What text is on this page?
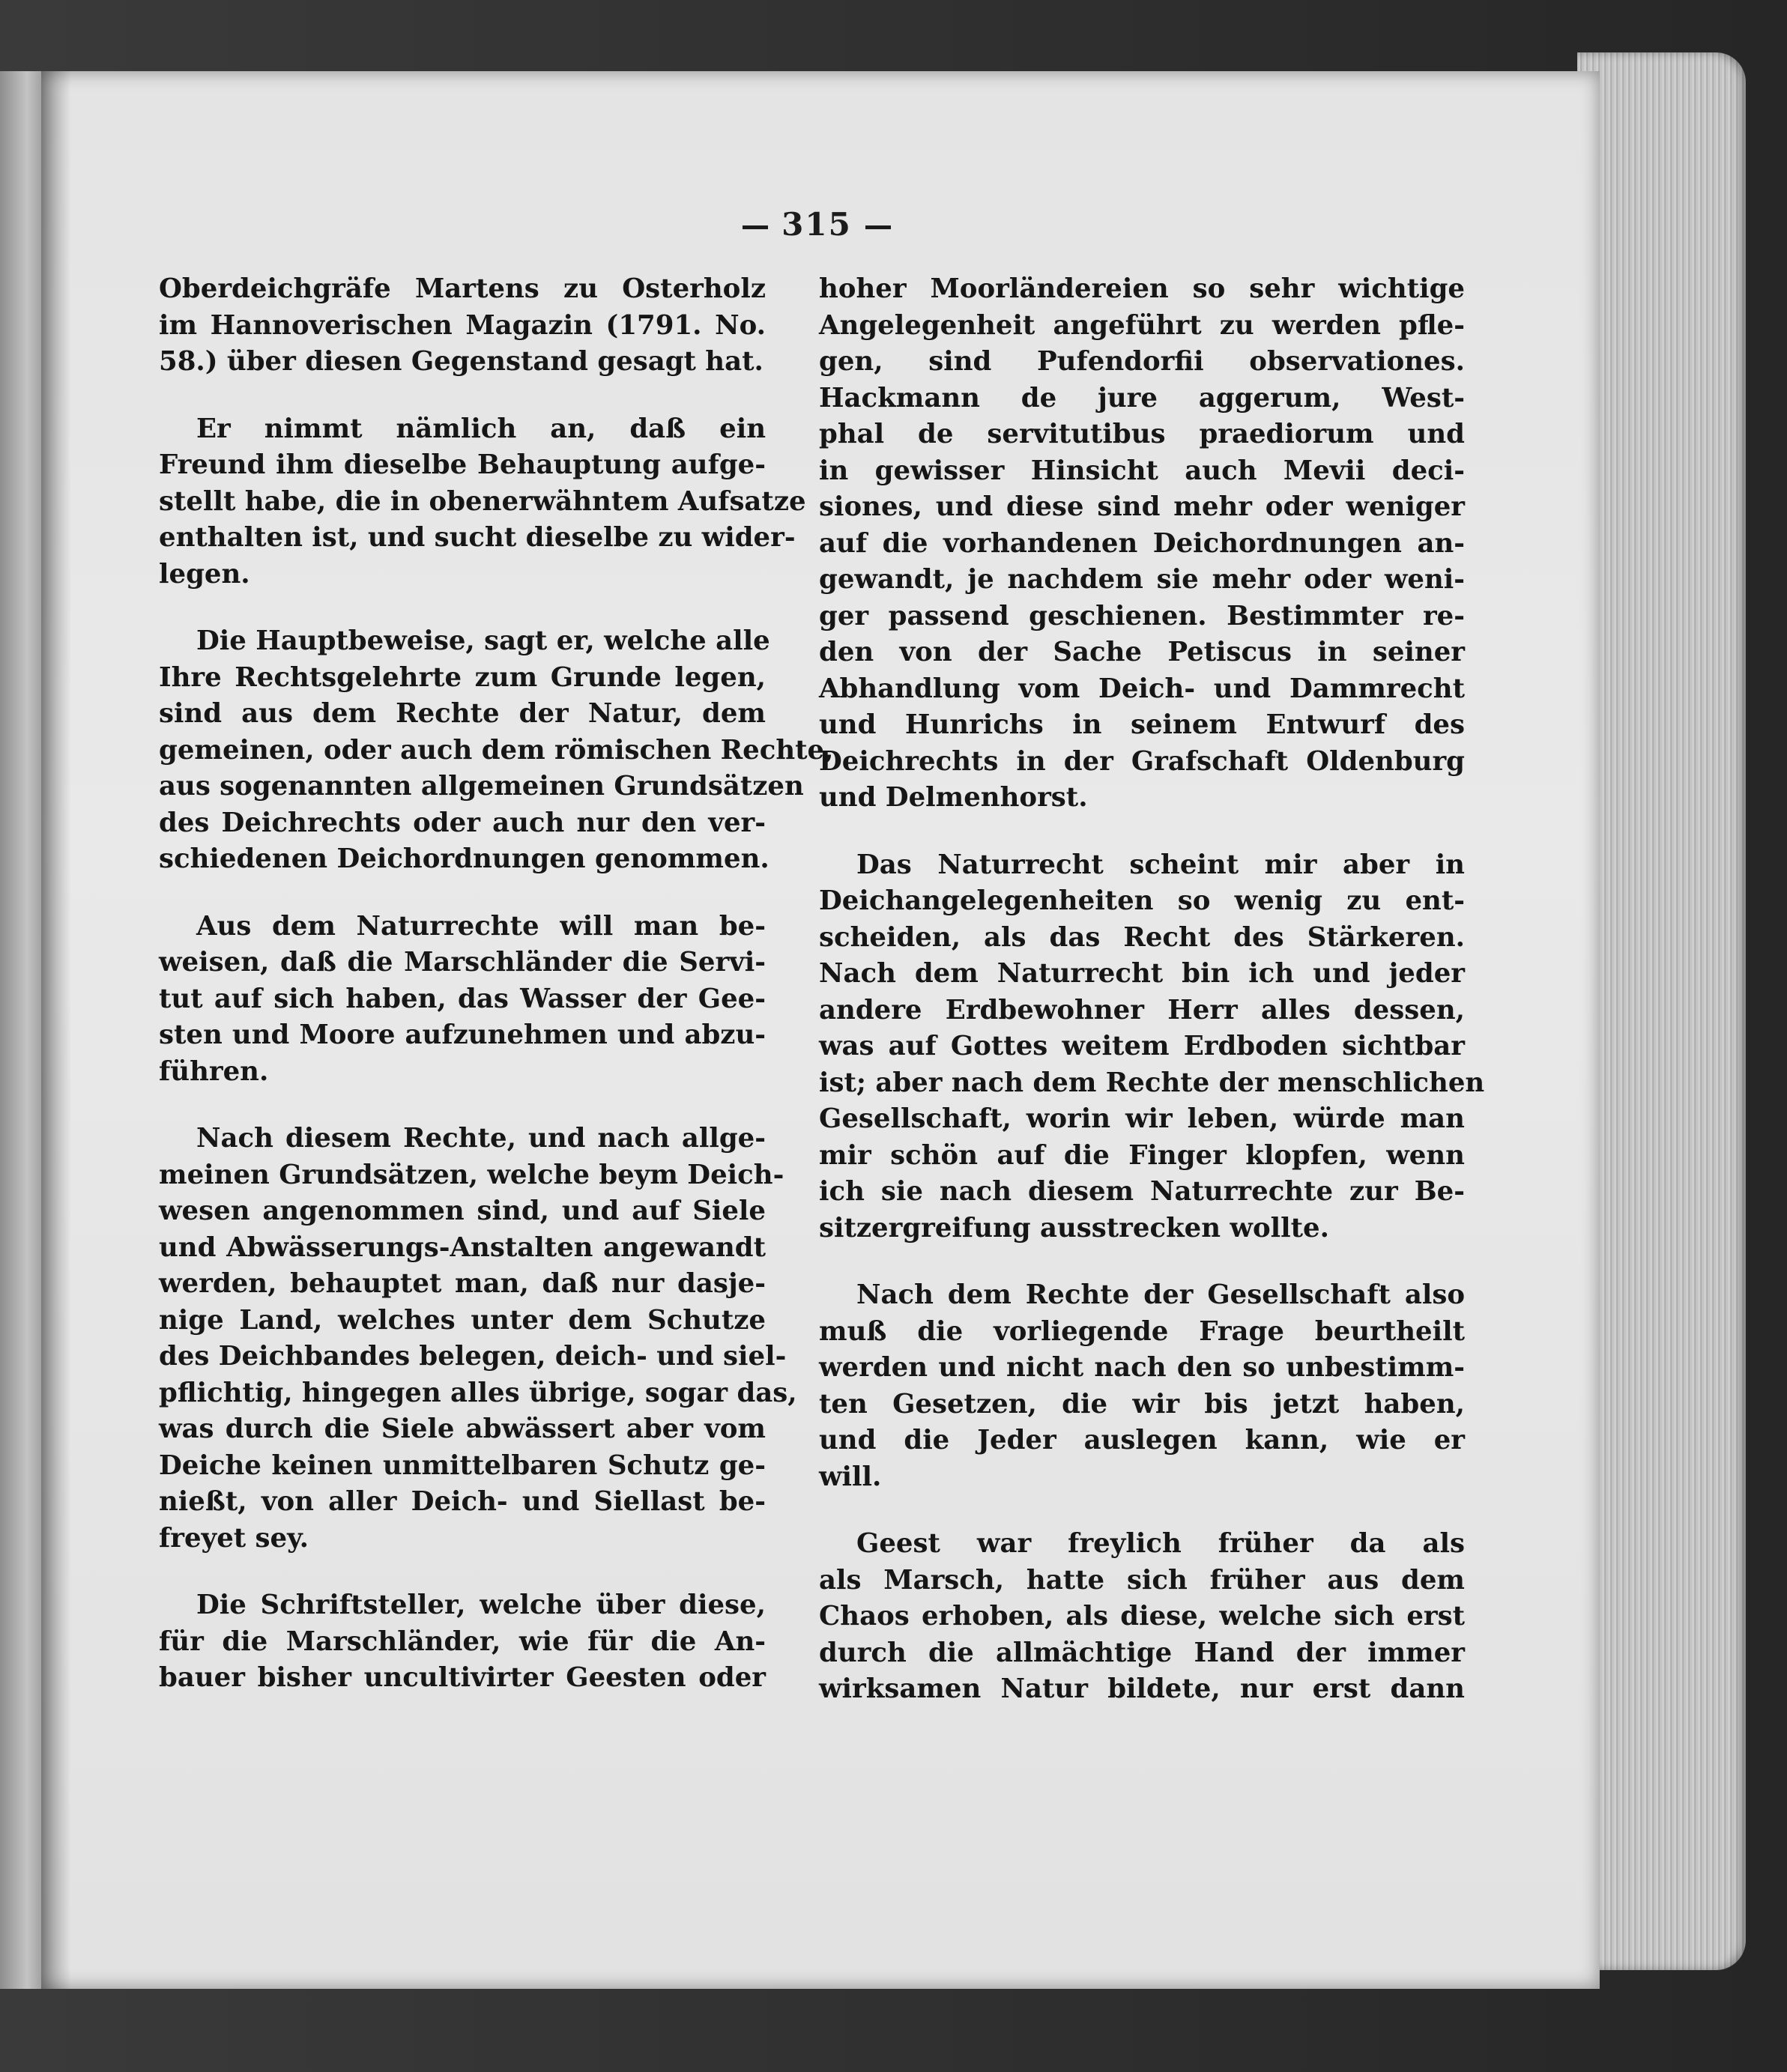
315
Oberdeichgräfe Martens zu Osterholz
im Hannoverischen Magazin (1791. No.
58.) über diesen Gegenstand gesagt hat.
Er nimmt nämlich an, daß ein
Freund ihm dieselbe Behauptung aufge-
stellt habe, die in obenerwähntem Aufsatze
enthalten ist, und sucht dieselbe zu wider-
legen.
Die Hauptbeweise, sagt er, welche alle
Ihre Rechtsgelehrte zum Grunde legen,
sind aus dem Rechte der Natur, dem
gemeinen, oder auch dem römischen Rechte,
aus sogenannten allgemeinen Grundsätzen
des Deichrechts oder auch nur den ver-
schiedenen Deichordnungen genommen.
Aus dem Naturrechte will man be-
weisen, daß die Marschländer die Servi-
tut auf sich haben, das Wasser der Gee-
sten und Moore aufzunehmen und abzu-
führen.
Nach diesem Rechte, und nach allge-
meinen Grundsätzen, welche beym Deich-
wesen angenommen sind, und auf Siele
und Abwässerungs-Anstalten angewandt
werden, behauptet man, daß nur dasje-
nige Land, welches unter dem Schutze
des Deichbandes belegen, deich- und siel-
pflichtig, hingegen alles übrige, sogar das,
was durch die Siele abwässert aber vom
Deiche keinen unmittelbaren Schutz ge-
nießt, von aller Deich- und Siellast be-
freyet sey.
Die Schriftsteller, welche über diese,
für die Marschländer, wie für die An-
bauer bisher uncultivirter Geesten oder
hoher Moorländereien so sehr wichtige
Angelegenheit angeführt zu werden pfle-
gen, sind Pufendorfii observationes.
Hackmann de jure aggerum, West-
phal de servitutibus praediorum und
in gewisser Hinsicht auch Mevii deci-
siones, und diese sind mehr oder weniger
auf die vorhandenen Deichordnungen an-
gewandt, je nachdem sie mehr oder weni-
ger passend geschienen. Bestimmter re-
den von der Sache Petiscus in seiner
Abhandlung vom Deich- und Dammrecht
und Hunrichs in seinem Entwurf des
Deichrechts in der Grafschaft Oldenburg
und Delmenhorst.
Das Naturrecht scheint mir aber in
Deichangelegenheiten so wenig zu ent-
scheiden, als das Recht des Stärkeren.
Nach dem Naturrecht bin ich und jeder
andere Erdbewohner Herr alles dessen,
was auf Gottes weitem Erdboden sichtbar
ist; aber nach dem Rechte der menschlichen
Gesellschaft, worin wir leben, würde man
mir schön auf die Finger klopfen, wenn
ich sie nach diesem Naturrechte zur Be-
sitzergreifung ausstrecken wollte.
Nach dem Rechte der Gesellschaft also
muß die vorliegende Frage beurtheilt
werden und nicht nach den so unbestimm-
ten Gesetzen, die wir bis jetzt haben,
und die Jeder auslegen kann, wie er
will.
Geest war freylich früher da als
als Marsch, hatte sich früher aus dem
Chaos erhoben, als diese, welche sich erst
durch die allmächtige Hand der immer
wirksamen Natur bildete, nur erst dann
